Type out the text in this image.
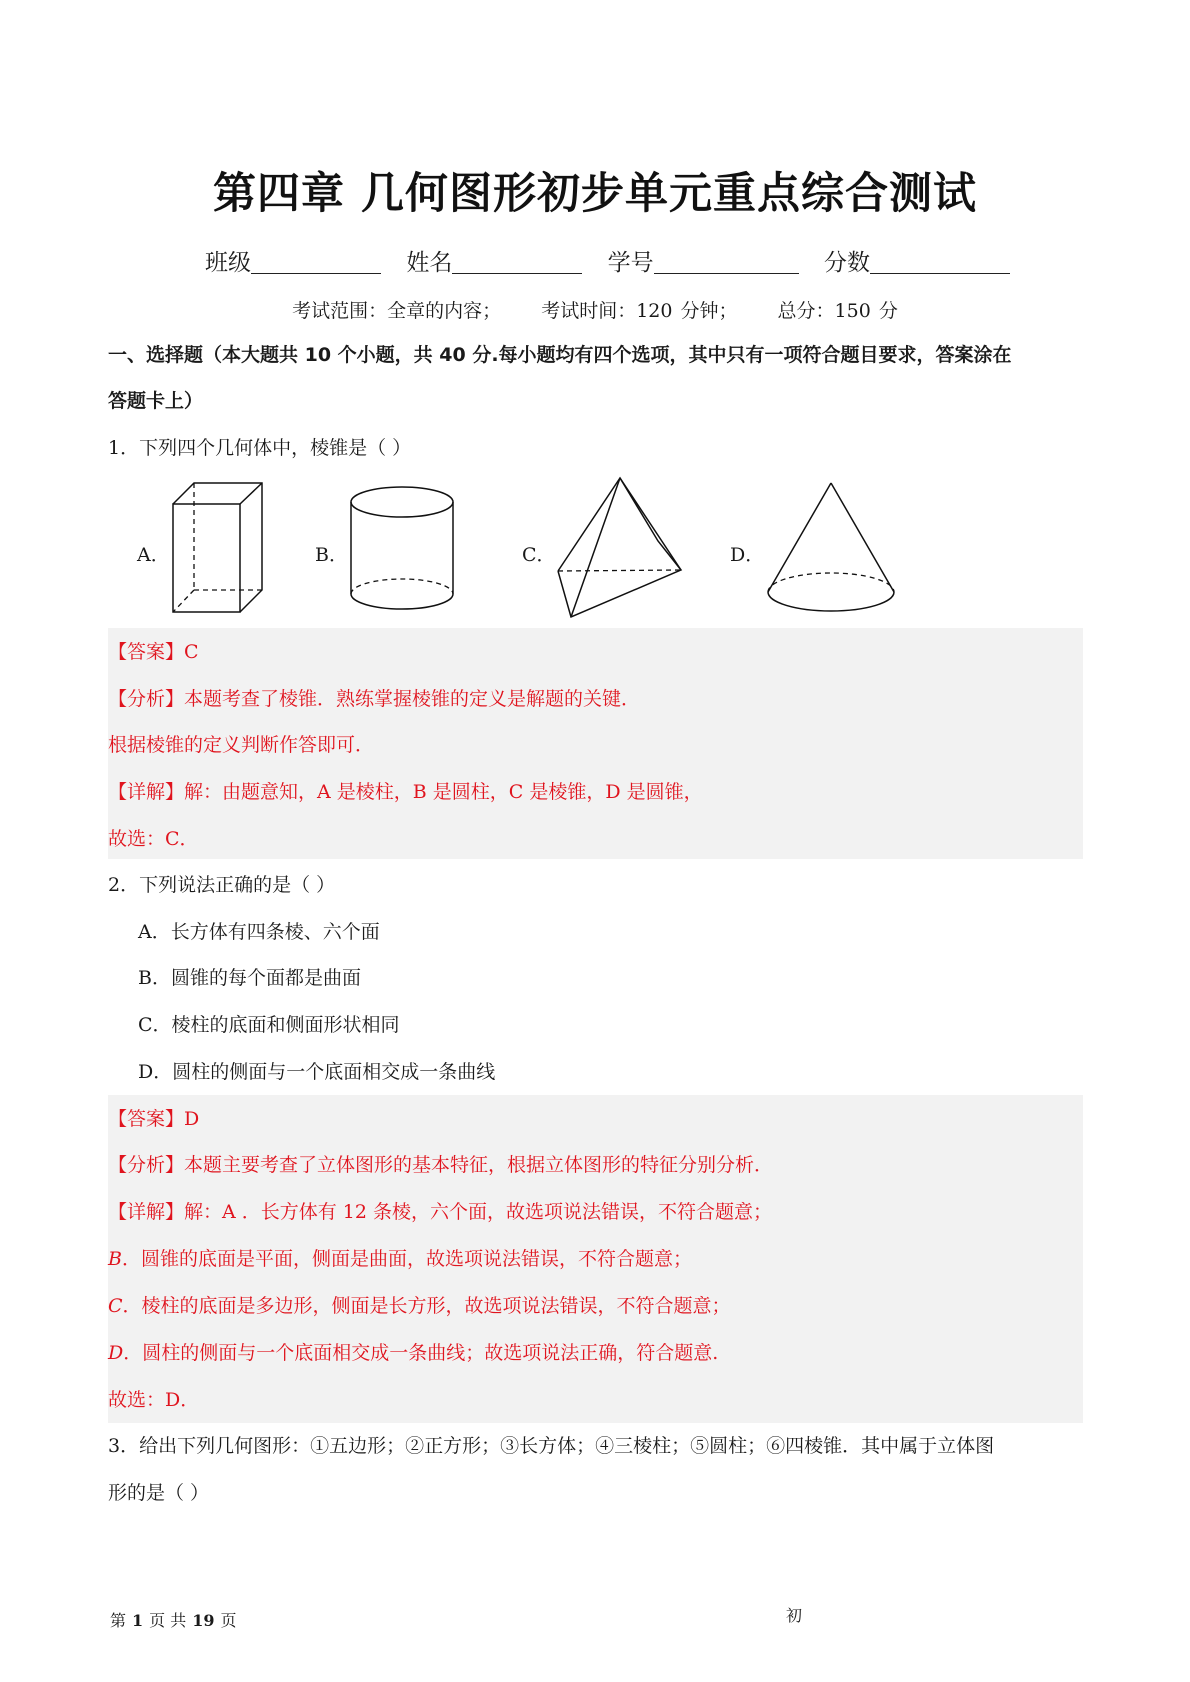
第四章 几何图形初步单元重点综合测试
班级	姓名	学号	分数
考试范围：全章的内容； 考试时间：120 分钟； 总分：150 分
一、选择题（本大题共 10 个小题，共 40 分.每小题均有四个选项，其中只有一项符合题目要求，答案涂在
答题卡上）
1．下列四个几何体中，棱锥是（ ）
A．	B．	C．	D．
【答案】C
【分析】本题考查了棱锥．熟练掌握棱锥的定义是解题的关键．
根据棱锥的定义判断作答即可．
【详解】解：由题意知，A 是棱柱，B 是圆柱，C 是棱锥，D 是圆锥，
故选：C．
2．下列说法正确的是（ ）
A．长方体有四条棱、六个面
B．圆锥的每个面都是曲面
C．棱柱的底面和侧面形状相同
D．圆柱的侧面与一个底面相交成一条曲线
【答案】D
【分析】本题主要考查了立体图形的基本特征，根据立体图形的特征分别分析．
【详解】解：A ．长方体有 12 条棱，六个面，故选项说法错误，不符合题意；
B．圆锥的底面是平面，侧面是曲面，故选项说法错误，不符合题意；
C．棱柱的底面是多边形，侧面是长方形，故选项说法错误，不符合题意；
D．圆柱的侧面与一个底面相交成一条曲线；故选项说法正确，符合题意.
故选：D．
3．给出下列几何图形：①五边形；②正方形；③长方体；④三棱柱；⑤圆柱；⑥四棱锥．其中属于立体图
形的是（ ）
第 1 页 共 19 页	初
